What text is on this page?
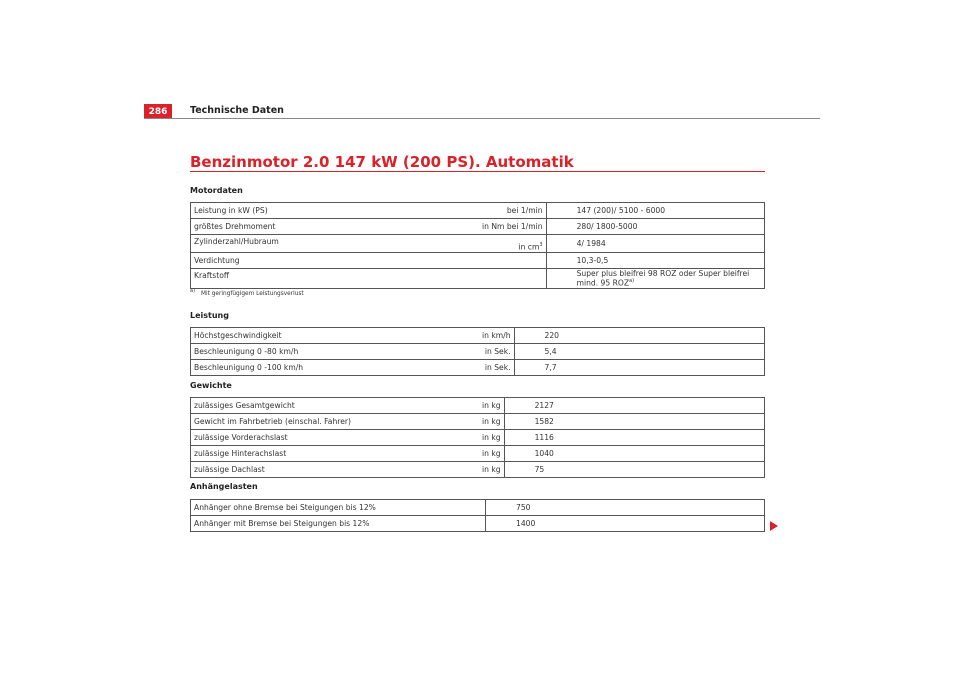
286	Technische Daten
Benzinmotor 2.0 147 kW (200 PS). Automatik
Motordaten
Leistung in kW (PS)	bei 1/min	147 (200)/ 5100 - 6000
größtes Drehmoment	in Nm bei 1/min	280/ 1800-5000
Zylinderzahl/Hubraum	in $cm^3$	4/ 1984
Verdichtung		10,3-0,5
Kraftstoff		Super plus bleifrei 98 ROZ oder Super bleifrei mind. 95 ROZ$^{a)}$
$^{a)}$ Mit geringfügigem Leistungsverlust
Leistung
Höchstgeschwindigkeit	in km/h	220
Beschleunigung 0 -80 km/h	in Sek.	5,4
Beschleunigung 0 -100 km/h	in Sek.	7,7
Gewichte
zulässiges Gesamtgewicht	in kg	2127
Gewicht im Fahrbetrieb (einschal. Fahrer)	in kg	1582
zulässige Vorderachslast	in kg	1116
zulässige Hinterachslast	in kg	1040
zulässige Dachlast	in kg	75
Anhängelasten
Anhänger ohne Bremse bei Steigungen bis 12%		750
Anhänger mit Bremse bei Steigungen bis 12%		1400
